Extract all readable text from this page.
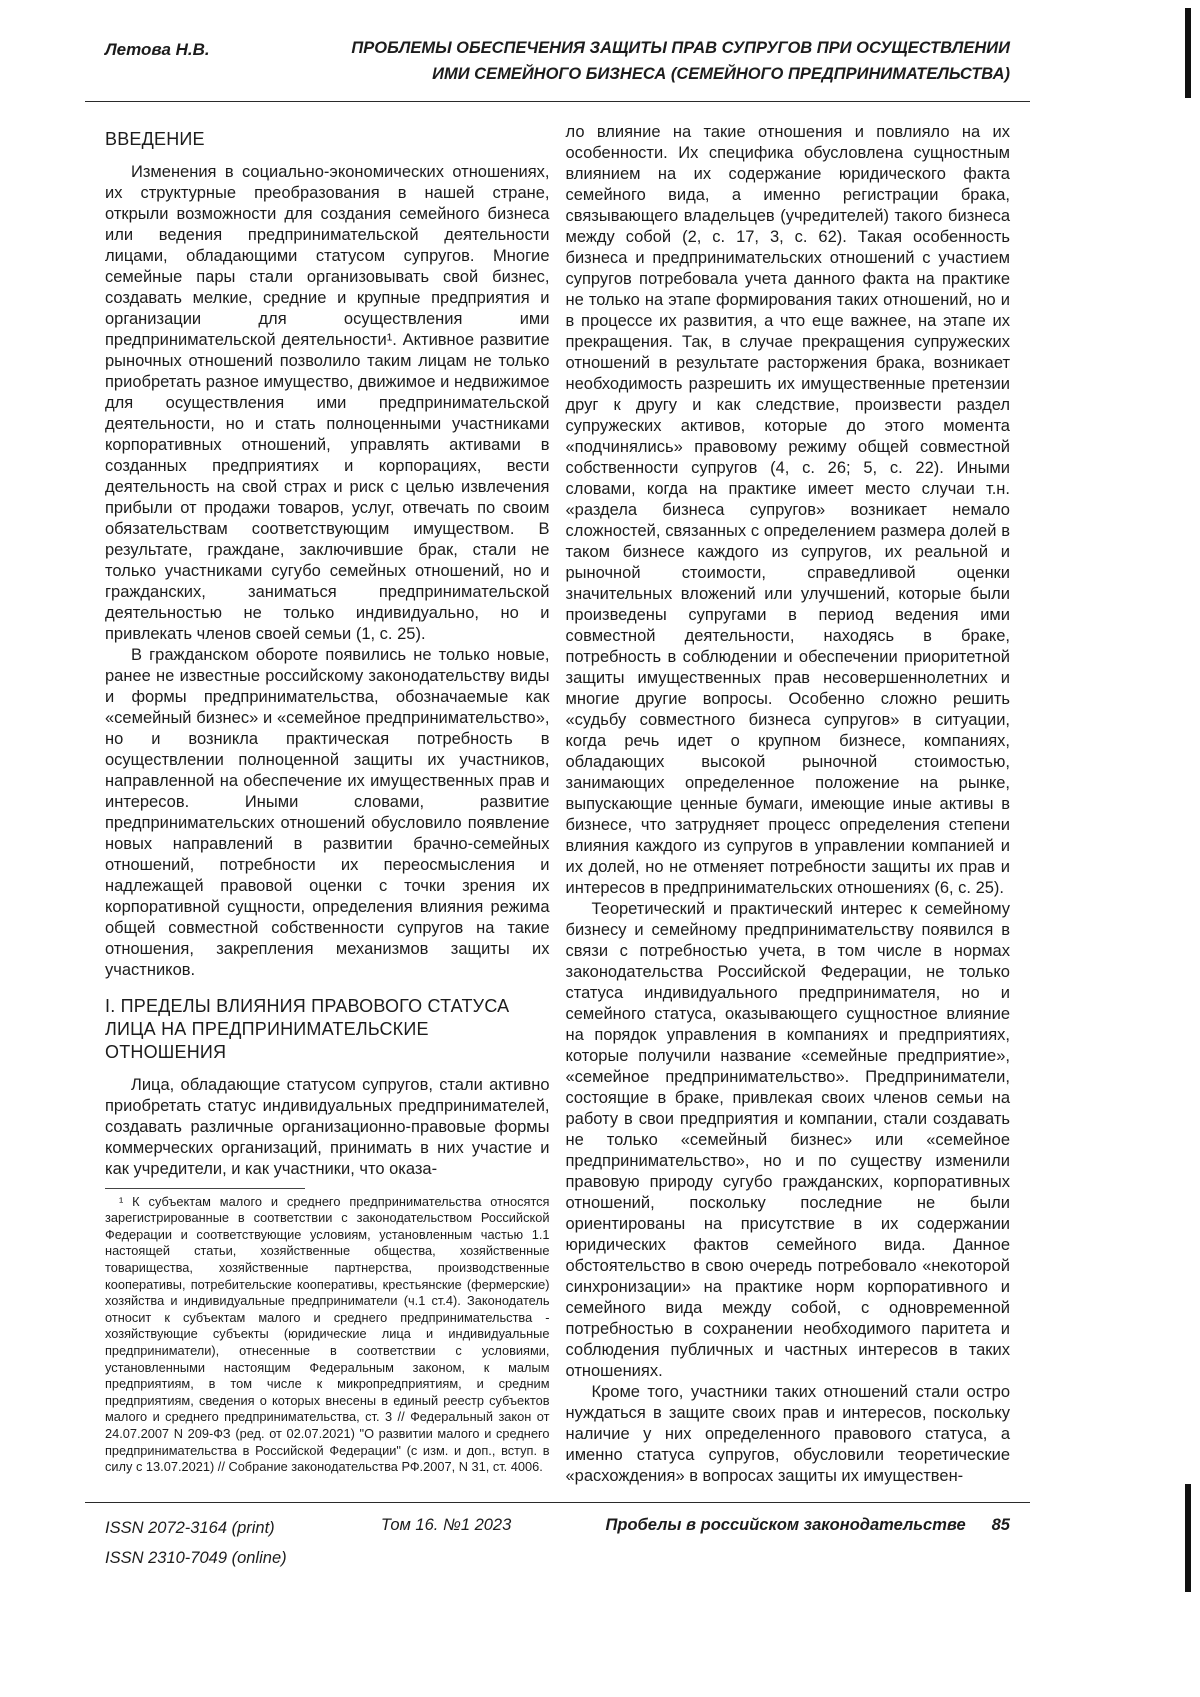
Летова Н.В.	ПРОБЛЕМЫ ОБЕСПЕЧЕНИЯ ЗАЩИТЫ ПРАВ СУПРУГОВ ПРИ ОСУЩЕСТВЛЕНИИ
ИМИ СЕМЕЙНОГО БИЗНЕСА (СЕМЕЙНОГО ПРЕДПРИНИМАТЕЛЬСТВА)
ВВЕДЕНИЕ

Изменения в социально-экономических отношениях, их структурные преобразования в нашей стране, открыли возможности для создания семейного бизнеса или ведения предпринимательской деятельности лицами, обладающими статусом супругов. Многие семейные пары стали организовывать свой бизнес, создавать мелкие, средние и крупные предприятия и организации для осуществления ими предпринимательской деятельности¹. Активное развитие рыночных отношений позволило таким лицам не только приобретать разное имущество, движимое и недвижимое для осуществления ими предпринимательской деятельности, но и стать полноценными участниками корпоративных отношений, управлять активами в созданных предприятиях и корпорациях, вести деятельность на свой страх и риск с целью извлечения прибыли от продажи товаров, услуг, отвечать по своим обязательствам соответствующим имуществом. В результате, граждане, заключившие брак, стали не только участниками сугубо семейных отношений, но и гражданских, заниматься предпринимательской деятельностью не только индивидуально, но и привлекать членов своей семьи (1, с. 25).

В гражданском обороте появились не только новые, ранее не известные российскому законодательству виды и формы предпринимательства, обозначаемые как «семейный бизнес» и «семейное предпринимательство», но и возникла практическая потребность в осуществлении полноценной защиты их участников, направленной на обеспечение их имущественных прав и интересов. Иными словами, развитие предпринимательских отношений обусловило появление новых направлений в развитии брачно-семейных отношений, потребности их переосмысления и надлежащей правовой оценки с точки зрения их корпоративной сущности, определения влияния режима общей совместной собственности супругов на такие отношения, закрепления механизмов защиты их участников.

I. ПРЕДЕЛЫ ВЛИЯНИЯ ПРАВОВОГО СТАТУСА ЛИЦА НА ПРЕДПРИНИМАТЕЛЬСКИЕ ОТНОШЕНИЯ

Лица, обладающие статусом супругов, стали активно приобретать статус индивидуальных предпринимателей, создавать различные организационно-правовые формы коммерческих организаций, принимать в них участие и как учредители, и как участники, что оказа-

¹ К субъектам малого и среднего предпринимательства относятся зарегистрированные в соответствии с законодательством Российской Федерации и соответствующие условиям, установленным частью 1.1 настоящей статьи, хозяйственные общества, хозяйственные товарищества, хозяйственные партнерства, производственные кооперативы, потребительские кооперативы, крестьянские (фермерские) хозяйства и индивидуальные предприниматели (ч.1 ст.4). Законодатель относит к субъектам малого и среднего предпринимательства - хозяйствующие субъекты (юридические лица и индивидуальные предприниматели), отнесенные в соответствии с условиями, установленными настоящим Федеральным законом, к малым предприятиям, в том числе к микропредприятиям, и средним предприятиям, сведения о которых внесены в единый реестр субъектов малого и среднего предпринимательства, ст. 3 // Федеральный закон от 24.07.2007 N 209-ФЗ (ред. от 02.07.2021) "О развитии малого и среднего предпринимательства в Российской Федерации" (с изм. и доп., вступ. в силу с 13.07.2021) // Собрание законодательства РФ.2007, N 31, ст. 4006.

ло влияние на такие отношения и повлияло на их особенности. Их специфика обусловлена сущностным влиянием на их содержание юридического факта семейного вида, а именно регистрации брака, связывающего владельцев (учредителей) такого бизнеса между собой (2, с. 17, 3, с. 62). Такая особенность бизнеса и предпринимательских отношений с участием супругов потребовала учета данного факта на практике не только на этапе формирования таких отношений, но и в процессе их развития, а что еще важнее, на этапе их прекращения. Так, в случае прекращения супружеских отношений в результате расторжения брака, возникает необходимость разрешить их имущественные претензии друг к другу и как следствие, произвести раздел супружеских активов, которые до этого момента «подчинялись» правовому режиму общей совместной собственности супругов (4, с. 26; 5, с. 22). Иными словами, когда на практике имеет место случаи т.н. «раздела бизнеса супругов» возникает немало сложностей, связанных с определением размера долей в таком бизнесе каждого из супругов, их реальной и рыночной стоимости, справедливой оценки значительных вложений или улучшений, которые были произведены супругами в период ведения ими совместной деятельности, находясь в браке, потребность в соблюдении и обеспечении приоритетной защиты имущественных прав несовершеннолетних и многие другие вопросы. Особенно сложно решить «судьбу совместного бизнеса супругов» в ситуации, когда речь идет о крупном бизнесе, компаниях, обладающих высокой рыночной стоимостью, занимающих определенное положение на рынке, выпускающие ценные бумаги, имеющие иные активы в бизнесе, что затрудняет процесс определения степени влияния каждого из супругов в управлении компанией и их долей, но не отменяет потребности защиты их прав и интересов в предпринимательских отношениях (6, с. 25).

Теоретический и практический интерес к семейному бизнесу и семейному предпринимательству появился в связи с потребностью учета, в том числе в нормах законодательства Российской Федерации, не только статуса индивидуального предпринимателя, но и семейного статуса, оказывающего сущностное влияние на порядок управления в компаниях и предприятиях, которые получили название «семейные предприятие», «семейное предпринимательство». Предприниматели, состоящие в браке, привлекая своих членов семьи на работу в свои предприятия и компании, стали создавать не только «семейный бизнес» или «семейное предпринимательство», но и по существу изменили правовую природу сугубо гражданских, корпоративных отношений, поскольку последние не были ориентированы на присутствие в их содержании юридических фактов семейного вида. Данное обстоятельство в свою очередь потребовало «некоторой синхронизации» на практике норм корпоративного и семейного вида между собой, с одновременной потребностью в сохранении необходимого паритета и соблюдения публичных и частных интересов в таких отношениях.

Кроме того, участники таких отношений стали остро нуждаться в защите своих прав и интересов, поскольку наличие у них определенного правового статуса, а именно статуса супругов, обусловили теоретические «расхождения» в вопросах защиты их имуществен-

ISSN 2072-3164 (print)
ISSN 2310-7049 (online)
Том 16. №1 2023	Пробелы в российском законодательстве 85
